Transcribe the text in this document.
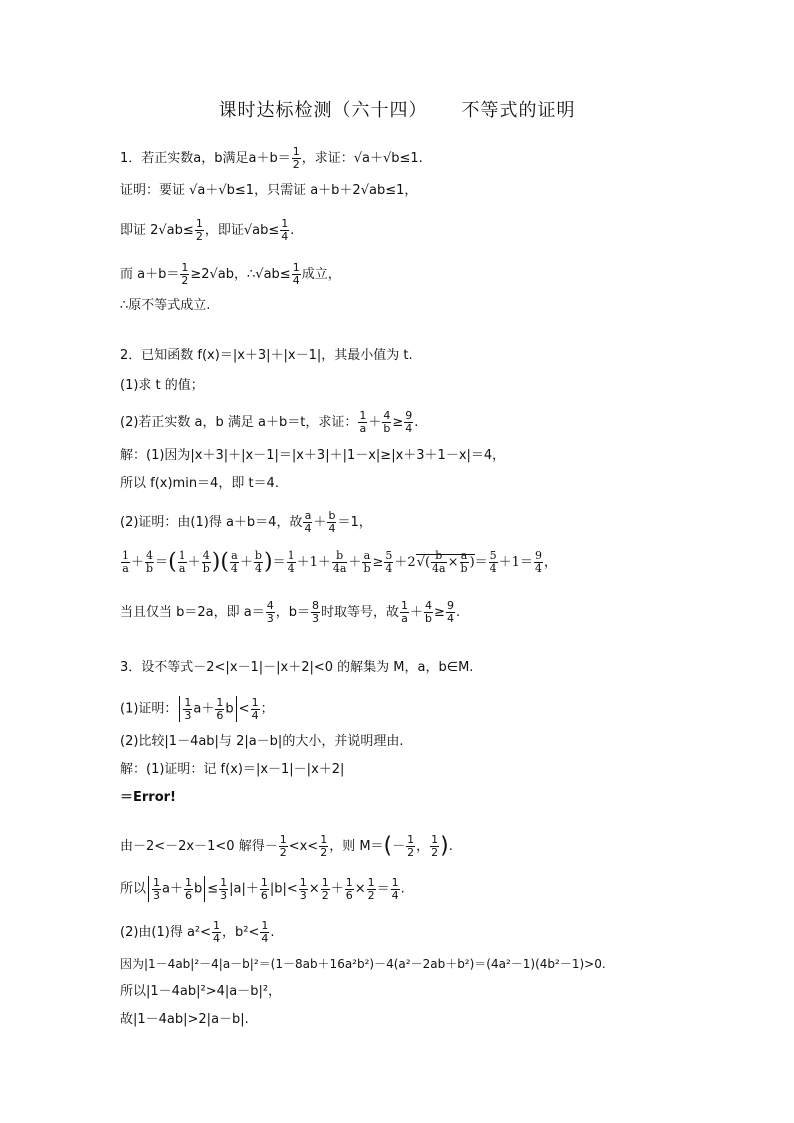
课时达标检测（六十四） 不等式的证明
1．若正实数a，b满足$a+b= \frac{1}{2}$ ，求证：√a＋√b≤1.
证明：要证 √a＋√b≤1，只需证 a＋b＋2√ab≤1，
即证 $2√ab\le \frac{1}{2}$ ，即证$√ab\le \frac{1}{4}$ .
而 $a+b= \frac{1}{2} \ge 2√ab$，∴√ab≤ $\frac{1}{4}$ 成立，
∴原不等式成立.
2．已知函数 f(x)＝|x＋3|＋|x－1|，其最小值为 t.
(1)求 t 的值；
(2)若正实数 a，b 满足 a＋b＝t，求证： $\frac{1}{a} + \frac{4}{b} \ge \frac{9}{4}$ .
解：(1)因为|x＋3|＋|x－1|＝|x＋3|＋|1－x|≥|x＋3＋1－x|＝4，
所以 f(x)min＝4，即 t＝4.
(2)证明：由(1)得 a＋b＝4，故 $\frac{a}{4} + \frac{b}{4} =1$，
$\frac{1}{a} + \frac{4}{b}$ ＝( $\frac{1}{a} + \frac{4}{b}$ )( $\frac{a}{4} + \frac{b}{4}$ )＝ $\frac{1}{4} +1+ \frac{b}{4a} + \frac{a}{b} \ge \frac{5}{4} +2√$ ( $\frac{b}{4a} \times \frac{a}{b}$ )＝ $\frac{5}{4} +1= \frac{9}{4}$ ，
当且仅当 b＝2a，即 $a= \frac{4}{3}$ ，$b= \frac{8}{3}$ 时取等号，故 $\frac{1}{a} + \frac{4}{b} \ge \frac{9}{4}$ .
3．设不等式－2<|x－1|－|x＋2|<0 的解集为 M，a，b∈M.
(1)证明： $\frac{1}{3} a+ \frac{1}{6}$ $b < \frac{1}{4}$ ；
(2)比较|1－4ab|与 2|a－b|的大小，并说明理由.
解：(1)证明：记 f(x)＝|x－1|－|x＋2|
＝Error!
由－2<－2x－1<0 解得－ $\frac{1}{2} <x< \frac{1}{2}$ ，则 $M=(- \frac{1}{2}$ ， $\frac{1}{2}$ ).
所以 $\frac{1}{3} a+ \frac{1}{6}$ $b \le \frac{1}{3} |a|+ \frac{1}{6} |b|< \frac{1}{3} \times \frac{1}{2} + \frac{1}{6} \times \frac{1}{2} = \frac{1}{4}$ .
(2)由(1)得 $a^2< \frac{1}{4}$ ，$b^2< \frac{1}{4}$ .
因为|1－4ab|²－4|a－b|²＝(1－8ab＋16a²b²)－4(a²－2ab＋b²)＝(4a²－1)(4b²－1)>0.
所以|1－4ab|²>4|a－b|²，
故|1－4ab|>2|a－b|.
